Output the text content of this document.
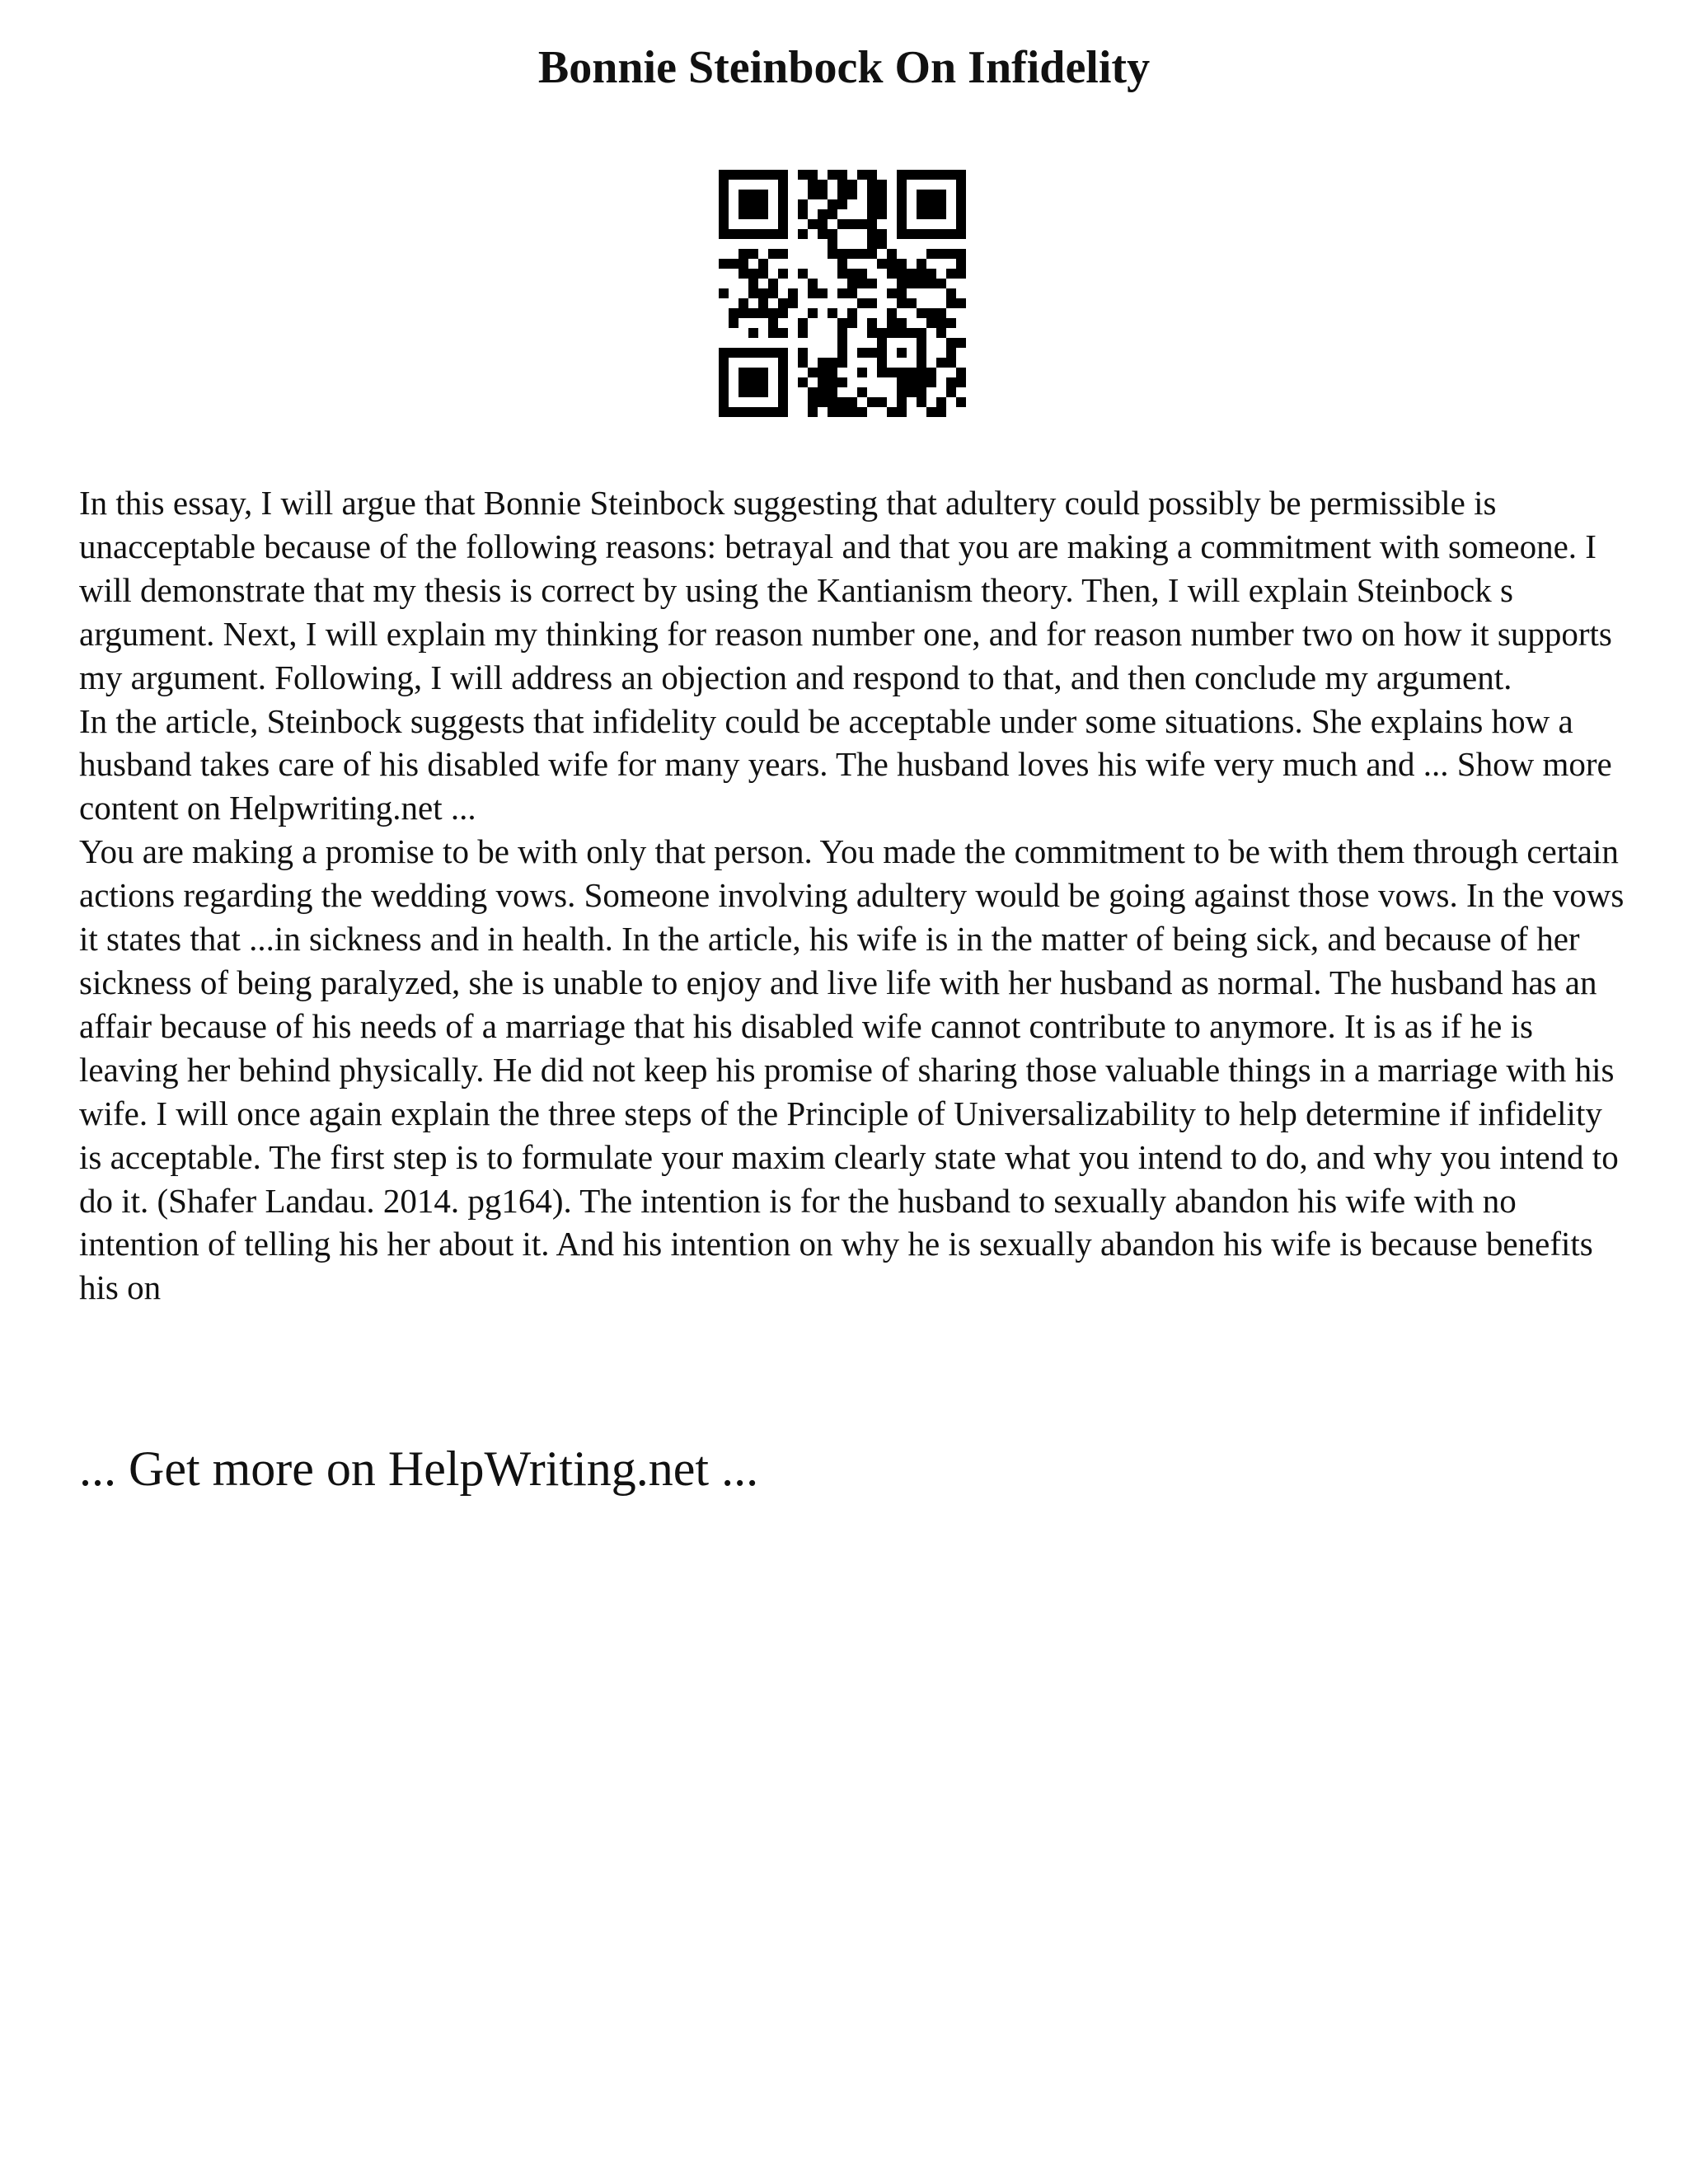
Bonnie Steinbock On Infidelity

In this essay, I will argue that Bonnie Steinbock suggesting that adultery could possibly be permissible is unacceptable because of the following reasons: betrayal and that you are making a commitment with someone. I will demonstrate that my thesis is correct by using the Kantianism theory. Then, I will explain Steinbock s argument. Next, I will explain my thinking for reason number one, and for reason number two on how it supports my argument. Following, I will address an objection and respond to that, and then conclude my argument.

In the article, Steinbock suggests that infidelity could be acceptable under some situations. She explains how a husband takes care of his disabled wife for many years. The husband loves his wife very much and ... Show more content on Helpwriting.net ...

You are making a promise to be with only that person. You made the commitment to be with them through certain actions regarding the wedding vows. Someone involving adultery would be going against those vows. In the vows it states that ...in sickness and in health. In the article, his wife is in the matter of being sick, and because of her sickness of being paralyzed, she is unable to enjoy and live life with her husband as normal. The husband has an affair because of his needs of a marriage that his disabled wife cannot contribute to anymore. It is as if he is leaving her behind physically. He did not keep his promise of sharing those valuable things in a marriage with his wife. I will once again explain the three steps of the Principle of Universalizability to help determine if infidelity is acceptable. The first step is to formulate your maxim clearly state what you intend to do, and why you intend to do it. (Shafer Landau. 2014. pg164). The intention is for the husband to sexually abandon his wife with no intention of telling his her about it. And his intention on why he is sexually abandon his wife is because benefits his on

... Get more on HelpWriting.net ...
